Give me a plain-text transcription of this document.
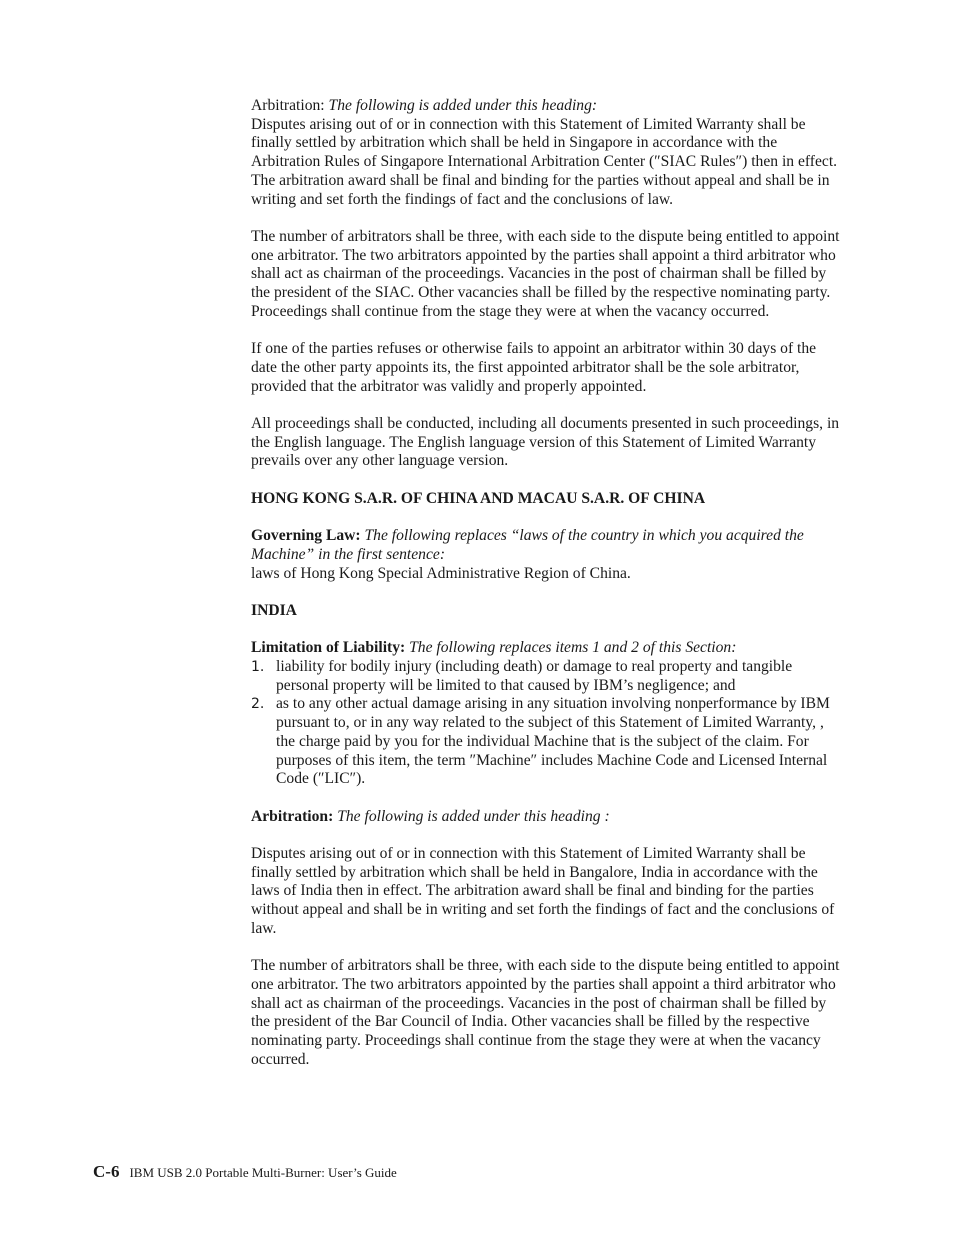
Arbitration: The following is added under this heading:

Disputes arising out of or in connection with this Statement of Limited Warranty shall be finally settled by arbitration which shall be held in Singapore in accordance with the Arbitration Rules of Singapore International Arbitration Center (″SIAC Rules″) then in effect. The arbitration award shall be final and binding for the parties without appeal and shall be in writing and set forth the findings of fact and the conclusions of law.

The number of arbitrators shall be three, with each side to the dispute being entitled to appoint one arbitrator. The two arbitrators appointed by the parties shall appoint a third arbitrator who shall act as chairman of the proceedings. Vacancies in the post of chairman shall be filled by the president of the SIAC. Other vacancies shall be filled by the respective nominating party. Proceedings shall continue from the stage they were at when the vacancy occurred.

If one of the parties refuses or otherwise fails to appoint an arbitrator within 30 days of the date the other party appoints its, the first appointed arbitrator shall be the sole arbitrator, provided that the arbitrator was validly and properly appointed.

All proceedings shall be conducted, including all documents presented in such proceedings, in the English language. The English language version of this Statement of Limited Warranty prevails over any other language version.

HONG KONG S.A.R. OF CHINA AND MACAU S.A.R. OF CHINA

Governing Law: The following replaces “laws of the country in which you acquired the Machine” in the first sentence:

laws of Hong Kong Special Administrative Region of China.

INDIA

Limitation of Liability: The following replaces items 1 and 2 of this Section:

1. liability for bodily injury (including death) or damage to real property and tangible personal property will be limited to that caused by IBM’s negligence; and
2. as to any other actual damage arising in any situation involving nonperformance by IBM pursuant to, or in any way related to the subject of this Statement of Limited Warranty, , the charge paid by you for the individual Machine that is the subject of the claim. For purposes of this item, the term ″Machine″ includes Machine Code and Licensed Internal Code (″LIC″).

Arbitration: The following is added under this heading :

Disputes arising out of or in connection with this Statement of Limited Warranty shall be finally settled by arbitration which shall be held in Bangalore, India in accordance with the laws of India then in effect. The arbitration award shall be final and binding for the parties without appeal and shall be in writing and set forth the findings of fact and the conclusions of law.

The number of arbitrators shall be three, with each side to the dispute being entitled to appoint one arbitrator. The two arbitrators appointed by the parties shall appoint a third arbitrator who shall act as chairman of the proceedings. Vacancies in the post of chairman shall be filled by the president of the Bar Council of India. Other vacancies shall be filled by the respective nominating party. Proceedings shall continue from the stage they were at when the vacancy occurred.

C-6 IBM USB 2.0 Portable Multi-Burner: User’s Guide
